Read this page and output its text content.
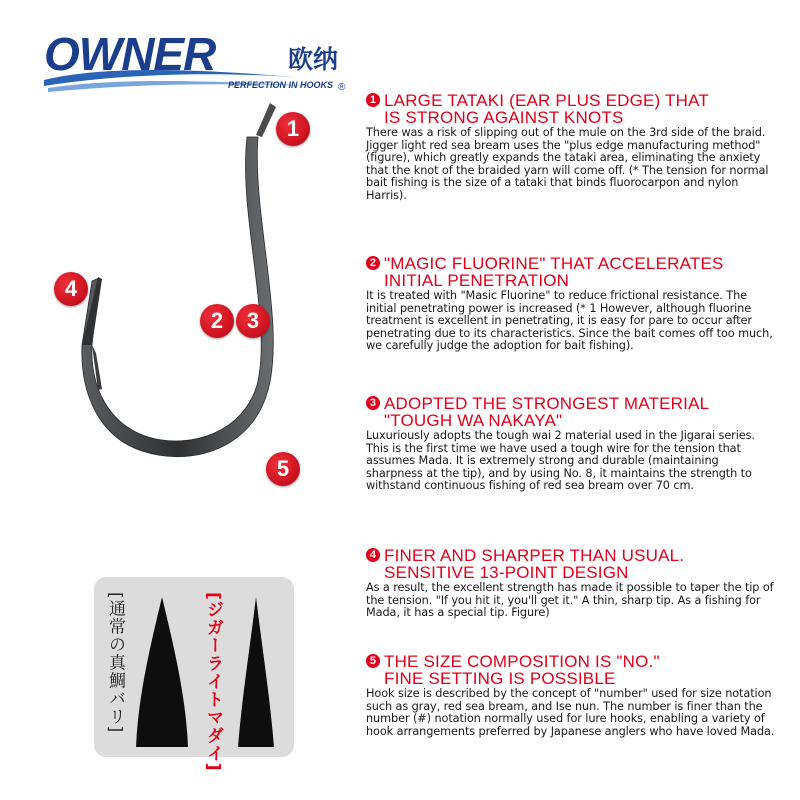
OWNER	欧纳
PERFECTION IN HOOKS ®
1
4
2	3
5
[通常の真鯛バリ]	[ジガーライトマダイ]
1 LARGE TATAKI (EAR PLUS EDGE) THAT
IS STRONG AGAINST KNOTS

There was a risk of slipping out of the mule on the 3rd side of the braid.

Jigger light red sea bream uses the "plus edge manufacturing method" (figure), which greatly expands the tataki area, eliminating the anxiety that the knot of the braided yarn will come off. (* The tension for normal bait fishing is the size of a tataki that binds fluorocarpon and nylon Harris).

2 "MAGIC FLUORINE" THAT ACCELERATES
INITIAL PENETRATION

It is treated with "Masic Fluorine" to reduce frictional resistance. The initial penetrating power is increased (* 1 However, although fluorine treatment is excellent in penetrating, it is easy for pare to occur after penetrating due to its characteristics. Since the bait comes off too much, we carefully judge the adoption for bait fishing).

3 ADOPTED THE STRONGEST MATERIAL
"TOUGH WA NAKAYA"

Luxuriously adopts the tough wai 2 material used in the Jigarai series.

This is the first time we have used a tough wire for the tension that assumes Mada. It is extremely strong and durable (maintaining sharpness at the tip), and by using No. 8, it maintains the strength to withstand continuous fishing of red sea bream over 70 cm.

4 FINER AND SHARPER THAN USUAL.
SENSITIVE 13-POINT DESIGN

As a result, the excellent strength has made it possible to taper the tip of the tension. "If you hit it, you'll get it." A thin, sharp tip. As a fishing for Mada, it has a special tip. Figure)

5 THE SIZE COMPOSITION IS "NO."
FINE SETTING IS POSSIBLE

Hook size is described by the concept of "number" used for size notation such as gray, red sea bream, and Ise nun. The number is finer than the number (#) notation normally used for lure hooks, enabling a variety of hook arrangements preferred by Japanese anglers who have loved Mada.
